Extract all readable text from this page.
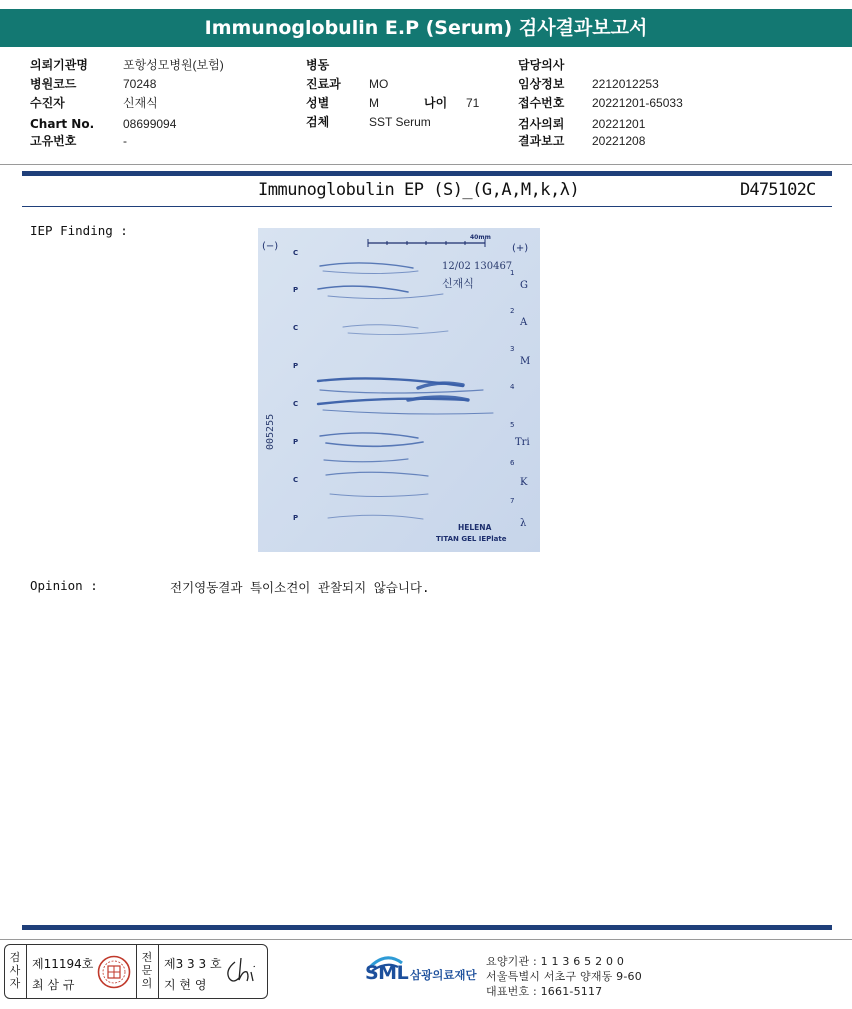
Immunoglobulin E.P (Serum) 검사결과보고서
의뢰기관명	포항성모병원(보험)
병원코드	70248
수진자	신재식
Chart No. 08699094
고유번호	-
병동
진료과 MO
성별	M	나이 71
검체	SST Serum
담당의사
임상정보 2212012253
접수번호 20221201-65033
검사의뢰 20221201
결과보고 20221208
Immunoglobulin EP (S)_(G,A,M,k,λ)	D475102C
IEP Finding :
(−)	(+)
40mm
12/02 130467
신재식
005255
C
P
C
P
C
P
C
P
1
2
3
4
5
6
7
G
A
M
Tri
K
λ
HELENA
TITAN GEL IEPlate
Opinion :	전기영동결과 특이소견이 관찰되지 않습니다.
검사자
제11194호
최 삼 규
전문의
제3 3 3 호
지 현 영
SML 삼광의료재단
요양기관 : 1 1 3 6 5 2 0 0
서울특별시 서초구 양재동 9-60
대표번호 : 1661-5117
